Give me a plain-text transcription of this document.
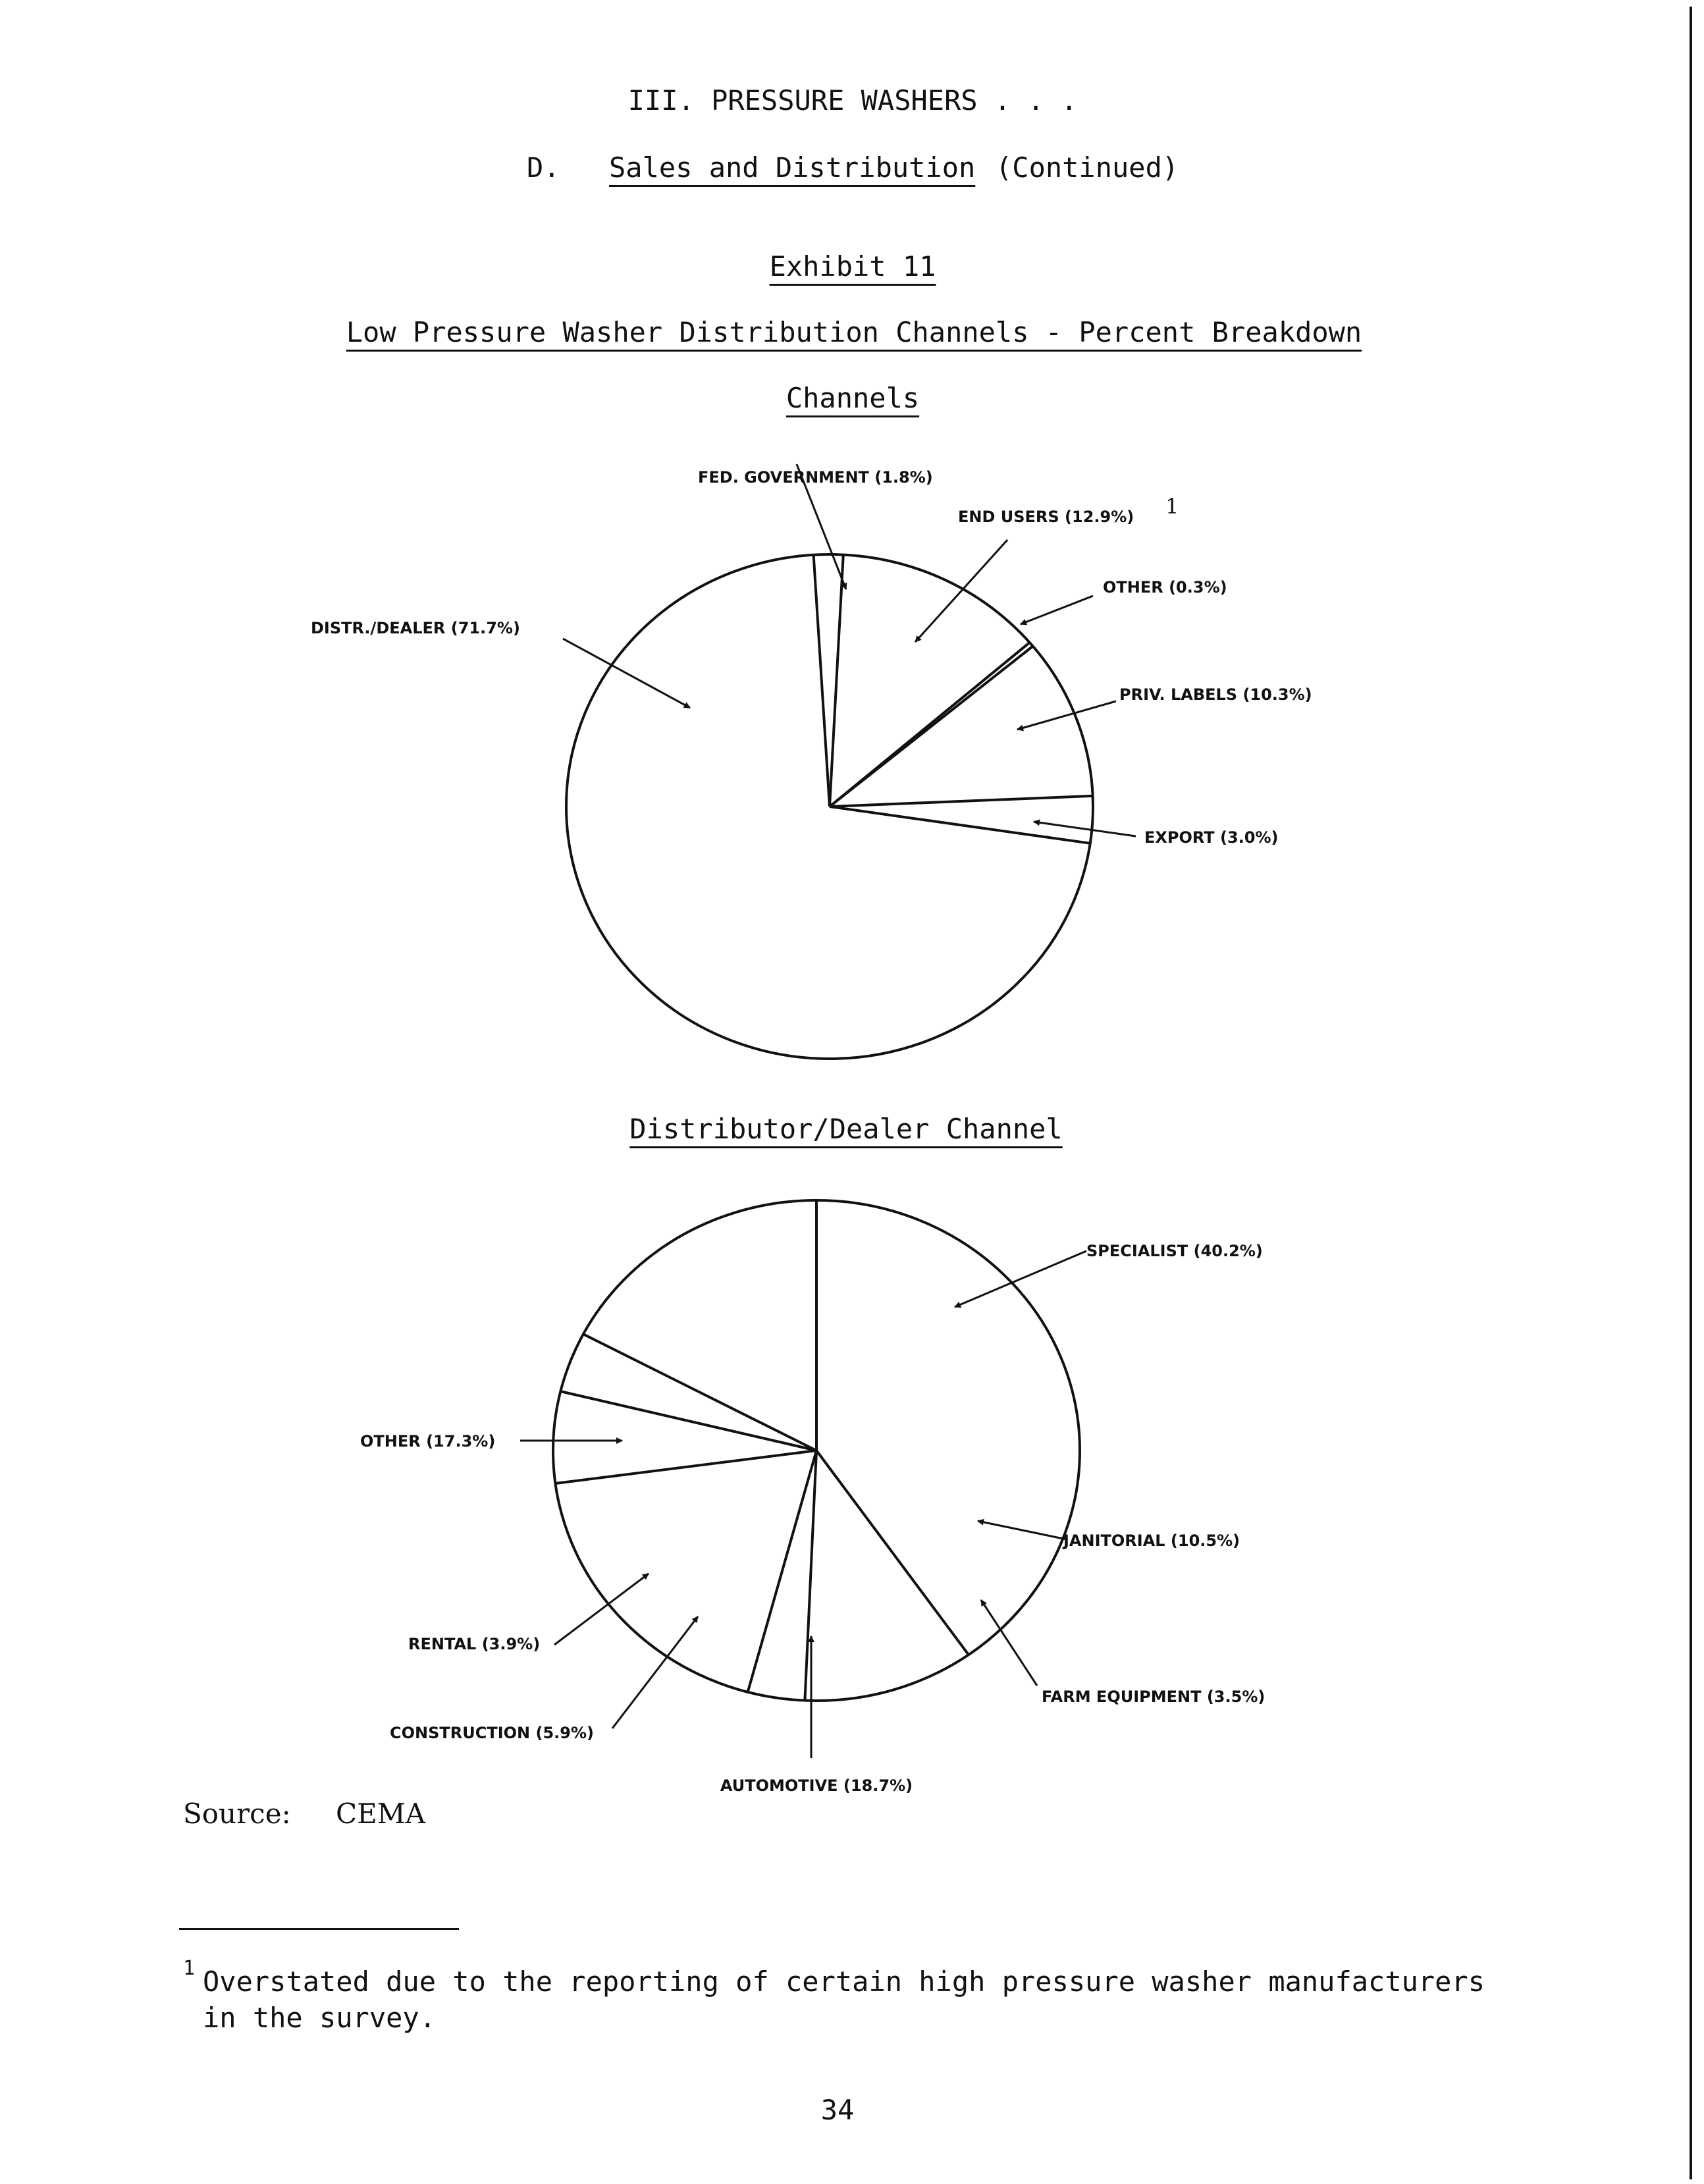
III. PRESSURE WASHERS . . .
D. Sales and Distribution (Continued)
Exhibit 11
Low Pressure Washer Distribution Channels - Percent Breakdown
Channels
Distributor/Dealer Channel
FED. GOVERNMENT (1.8%)
END USERS (12.9%) 1
OTHER (0.3%)
PRIV. LABELS (10.3%)
EXPORT (3.0%)
DISTR./DEALER (71.7%)
SPECIALIST (40.2%)
JANITORIAL (10.5%)
FARM EQUIPMENT (3.5%)
AUTOMOTIVE (18.7%)
CONSTRUCTION (5.9%)
RENTAL (3.9%)
OTHER (17.3%)
Source: CEMA
1 Overstated due to the reporting of certain high pressure washer manufacturers
in the survey.
34
